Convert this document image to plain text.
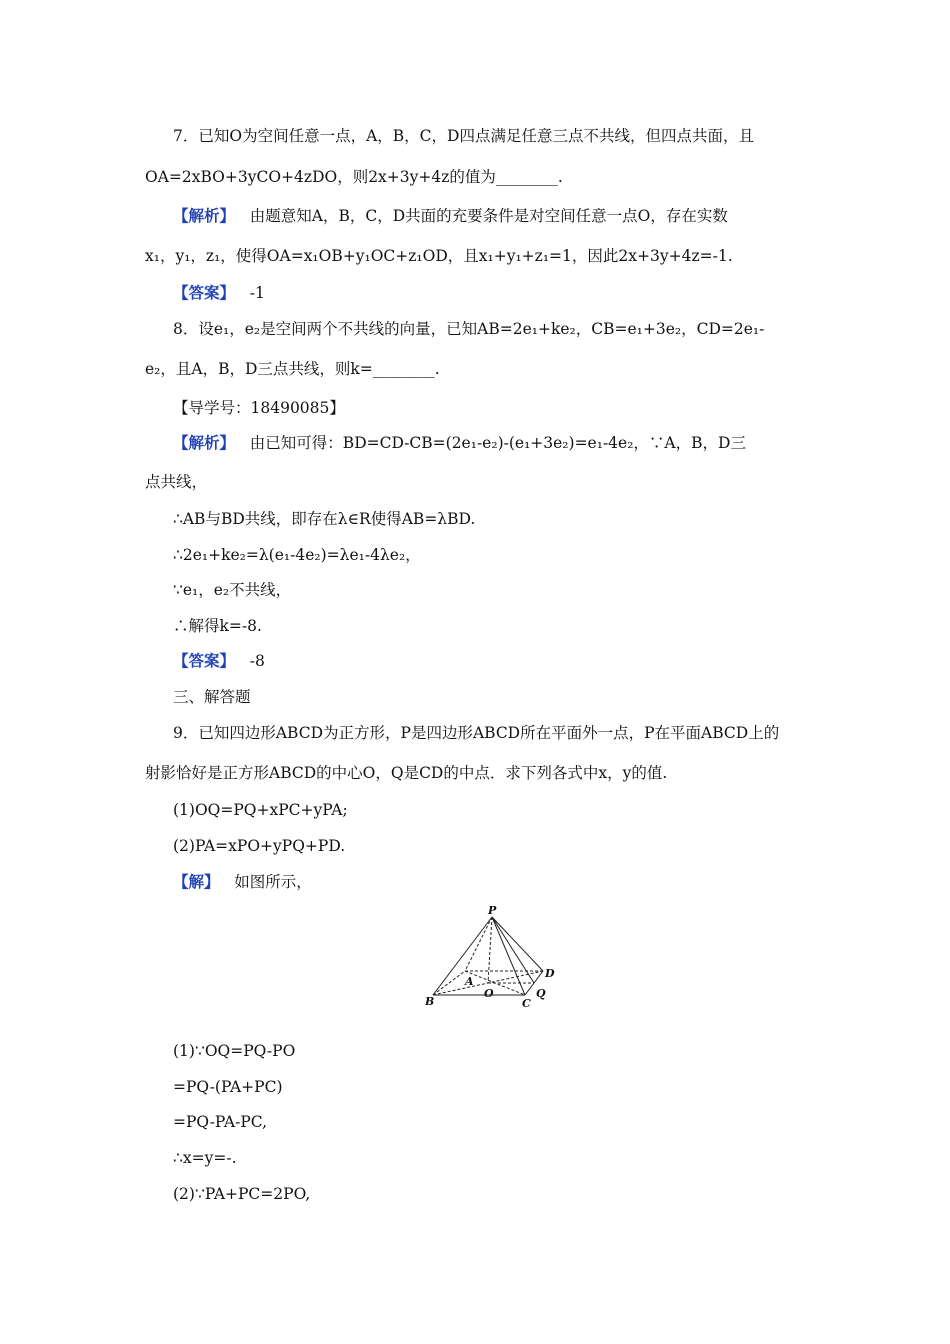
7．已知O为空间任意一点，A，B，C，D四点满足任意三点不共线，但四点共面，且
OA=2xBO+3yCO+4zDO，则2x+3y+4z的值为________.
【解析】 由题意知A，B，C，D共面的充要条件是对空间任意一点O，存在实数
x₁，y₁，z₁，使得OA=x₁OB+y₁OC+z₁OD，且x₁+y₁+z₁=1，因此2x+3y+4z=-1.
【答案】 -1
8．设e₁，e₂是空间两个不共线的向量，已知AB=2e₁+ke₂，CB=e₁+3e₂，CD=2e₁-
e₂，且A，B，D三点共线，则k=________.
【导学号：18490085】
【解析】 由已知可得：BD=CD-CB=(2e₁-e₂)-(e₁+3e₂)=e₁-4e₂，∵A，B，D三
点共线，
∴AB与BD共线，即存在λ∈R使得AB=λBD.
∴2e₁+ke₂=λ(e₁-4e₂)=λe₁-4λe₂，
∵e₁，e₂不共线，
∴解得k=-8.
【答案】 -8
三、解答题
9．已知四边形ABCD为正方形，P是四边形ABCD所在平面外一点，P在平面ABCD上的
射影恰好是正方形ABCD的中心O，Q是CD的中点．求下列各式中x，y的值.
(1)OQ=PQ+xPC+yPA;
(2)PA=xPO+yPQ+PD.
【解】 如图所示，
P
A
B	C
D
O	Q
(1)∵OQ=PQ-PO
=PQ-(PA+PC)
=PQ-PA-PC,
∴x=y=-.
(2)∵PA+PC=2PO,
